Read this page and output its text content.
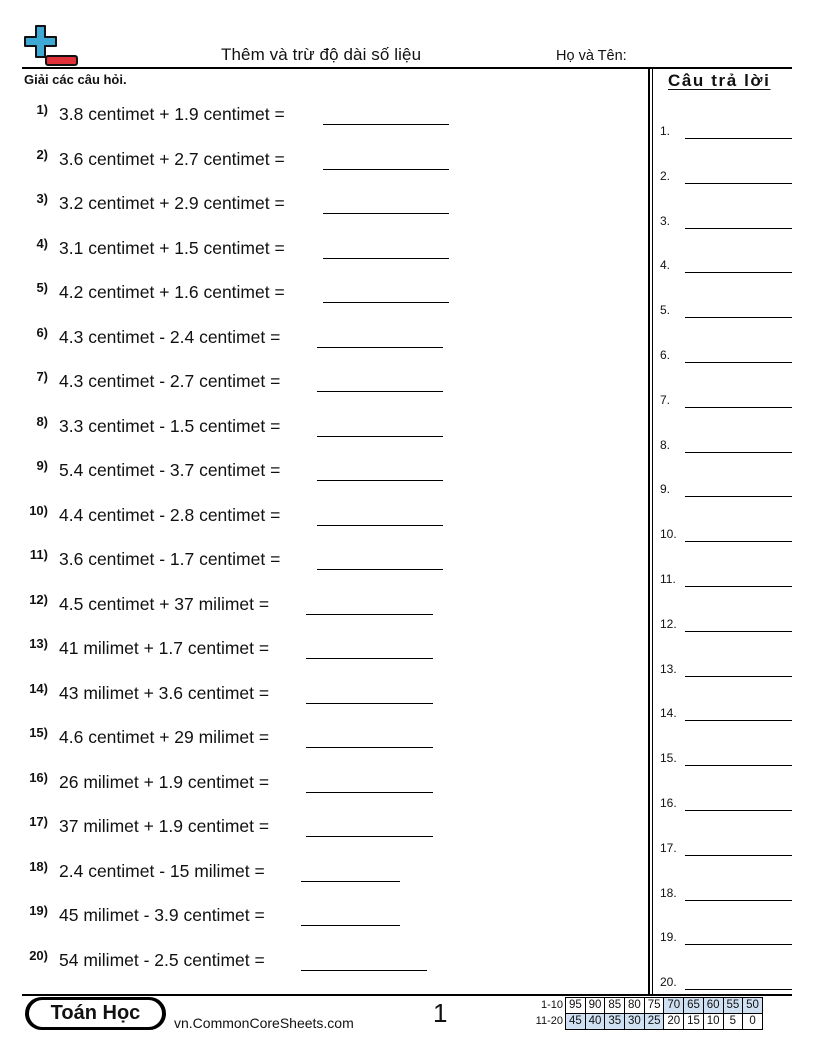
Thêm và trừ độ dài số liệu	Họ và Tên:
Giải các câu hỏi.
1) 3.8 centimet + 1.9 centimet =
2) 3.6 centimet + 2.7 centimet =
3) 3.2 centimet + 2.9 centimet =
4) 3.1 centimet + 1.5 centimet =
5) 4.2 centimet + 1.6 centimet =
6) 4.3 centimet - 2.4 centimet =
7) 4.3 centimet - 2.7 centimet =
8) 3.3 centimet - 1.5 centimet =
9) 5.4 centimet - 3.7 centimet =
10) 4.4 centimet - 2.8 centimet =
11) 3.6 centimet - 1.7 centimet =
12) 4.5 centimet + 37 milimet =
13) 41 milimet + 1.7 centimet =
14) 43 milimet + 3.6 centimet =
15) 4.6 centimet + 29 milimet =
16) 26 milimet + 1.9 centimet =
17) 37 milimet + 1.9 centimet =
18) 2.4 centimet - 15 milimet =
19) 45 milimet - 3.9 centimet =
20) 54 milimet - 2.5 centimet =
Câu trả lời
1.
2.
3.
4.
5.
6.
7.
8.
9.
10.
11.
12.
13.
14.
15.
16.
17.
18.
19.
20.
Toán Học	vn.CommonCoreSheets.com	1	1-10	95	90	85	80	75	70	65	60	55	50
11-20	45	40	35	30	25	20	15	10	5	0
